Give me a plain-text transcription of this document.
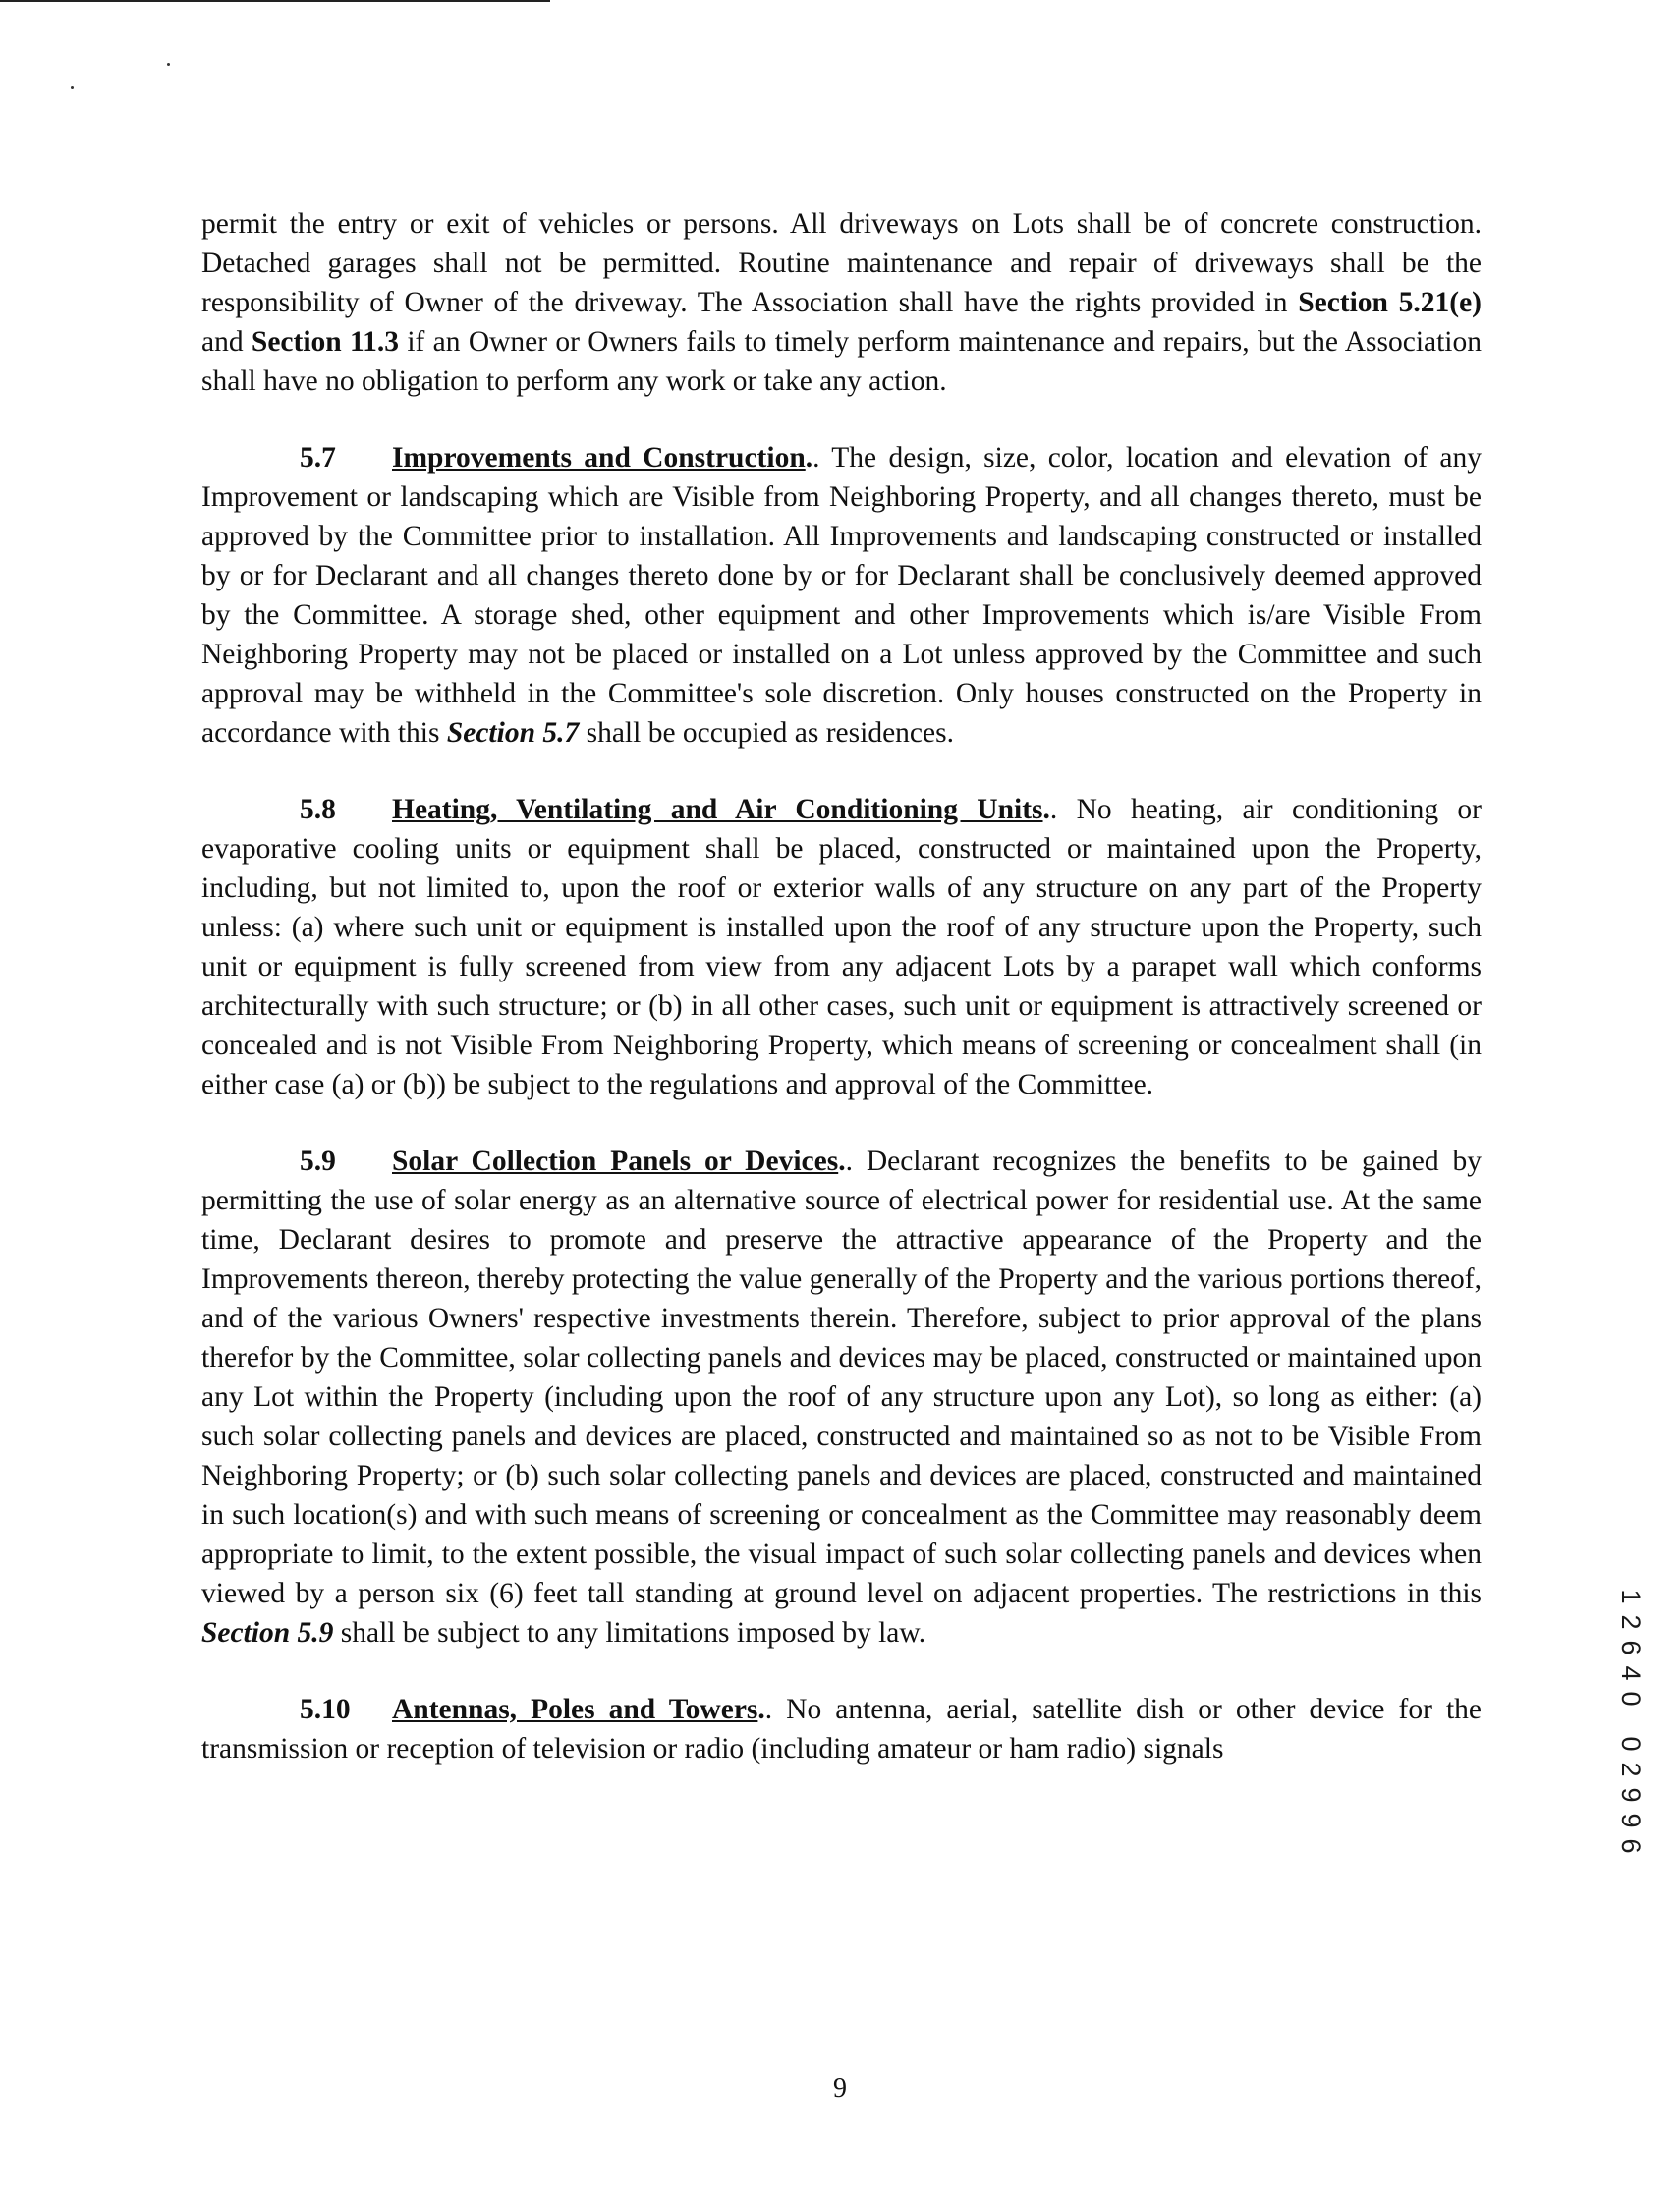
permit the entry or exit of vehicles or persons. All driveways on Lots shall be of concrete construction. Detached garages shall not be permitted. Routine maintenance and repair of driveways shall be the responsibility of Owner of the driveway. The Association shall have the rights provided in Section 5.21(e) and Section 11.3 if an Owner or Owners fails to timely perform maintenance and repairs, but the Association shall have no obligation to perform any work or take any action.

5.7 Improvements and Construction.. The design, size, color, location and elevation of any Improvement or landscaping which are Visible from Neighboring Property, and all changes thereto, must be approved by the Committee prior to installation. All Improvements and landscaping constructed or installed by or for Declarant and all changes thereto done by or for Declarant shall be conclusively deemed approved by the Committee. A storage shed, other equipment and other Improvements which is/are Visible From Neighboring Property may not be placed or installed on a Lot unless approved by the Committee and such approval may be withheld in the Committee's sole discretion. Only houses constructed on the Property in accordance with this Section 5.7 shall be occupied as residences.

5.8 Heating, Ventilating and Air Conditioning Units.. No heating, air conditioning or evaporative cooling units or equipment shall be placed, constructed or maintained upon the Property, including, but not limited to, upon the roof or exterior walls of any structure on any part of the Property unless: (a) where such unit or equipment is installed upon the roof of any structure upon the Property, such unit or equipment is fully screened from view from any adjacent Lots by a parapet wall which conforms architecturally with such structure; or (b) in all other cases, such unit or equipment is attractively screened or concealed and is not Visible From Neighboring Property, which means of screening or concealment shall (in either case (a) or (b)) be subject to the regulations and approval of the Committee.

5.9 Solar Collection Panels or Devices.. Declarant recognizes the benefits to be gained by permitting the use of solar energy as an alternative source of electrical power for residential use. At the same time, Declarant desires to promote and preserve the attractive appearance of the Property and the Improvements thereon, thereby protecting the value generally of the Property and the various portions thereof, and of the various Owners' respective investments therein. Therefore, subject to prior approval of the plans therefor by the Committee, solar collecting panels and devices may be placed, constructed or maintained upon any Lot within the Property (including upon the roof of any structure upon any Lot), so long as either: (a) such solar collecting panels and devices are placed, constructed and maintained so as not to be Visible From Neighboring Property; or (b) such solar collecting panels and devices are placed, constructed and maintained in such location(s) and with such means of screening or concealment as the Committee may reasonably deem appropriate to limit, to the extent possible, the visual impact of such solar collecting panels and devices when viewed by a person six (6) feet tall standing at ground level on adjacent properties. The restrictions in this Section 5.9 shall be subject to any limitations imposed by law.

5.10 Antennas, Poles and Towers.. No antenna, aerial, satellite dish or other device for the transmission or reception of television or radio (including amateur or ham radio) signals

1
2
6
4
0
0
2
9
9
6
9
